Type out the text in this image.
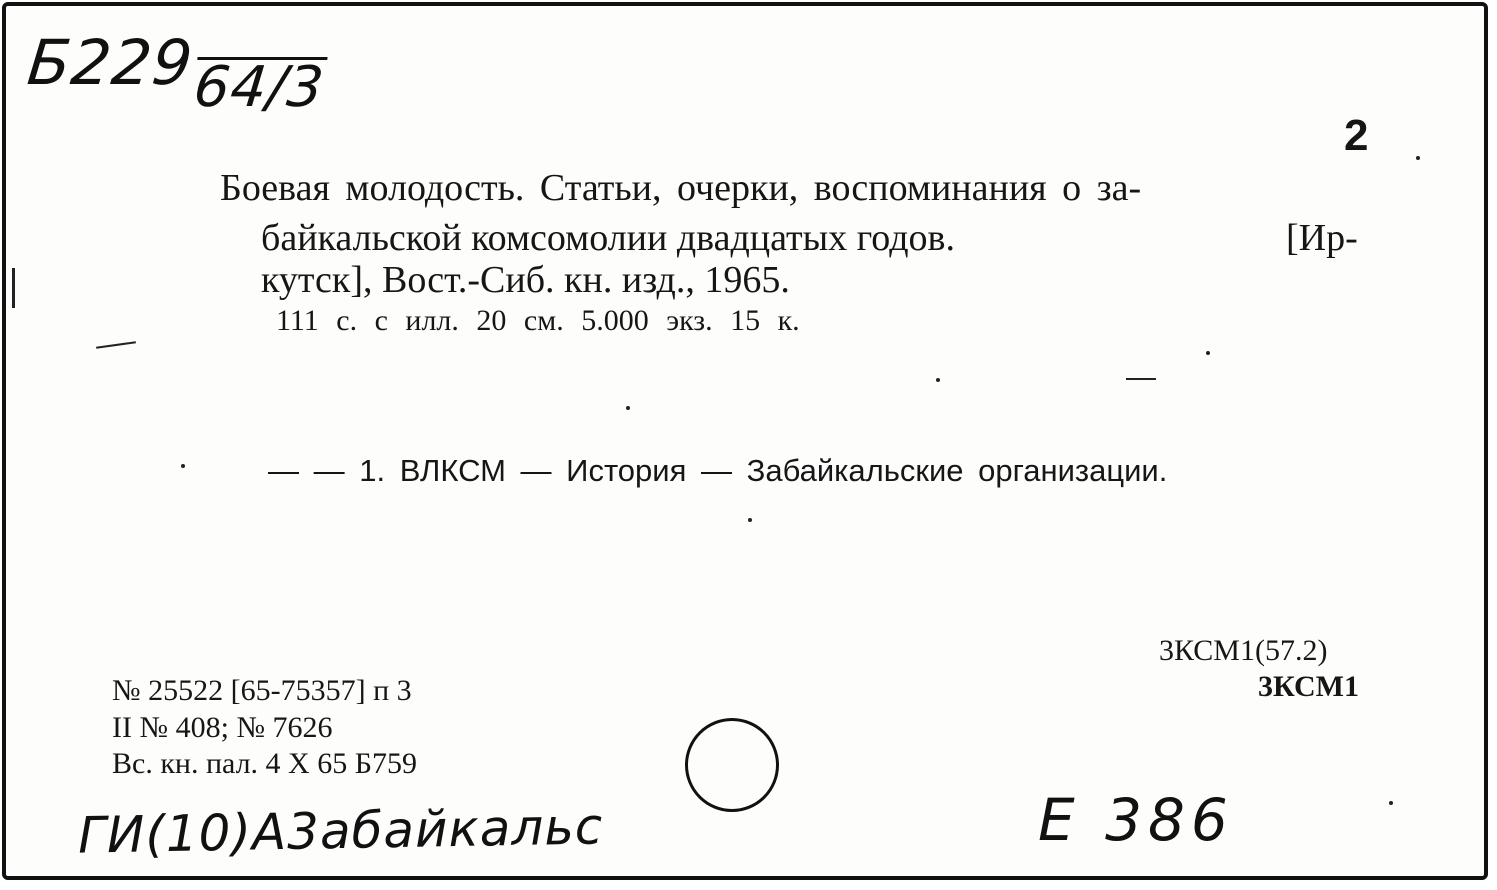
Б22964/3
2
Боевая молодость. Статьи, очерки, воспоминания о за-
байкальской комсомолии двадцатых годов.	[Ир-
кутск], Вост.-Сиб. кн. изд., 1965.
111 с. с илл. 20 см. 5.000 экз. 15 к.
— — 1. ВЛКСМ — История — Забайкальские организации.
3КСМ1(57.2)
3КСМ1
№ 25522 [65-75357] п 3
II № 408; № 7626
Вс. кн. пал. 4 X 65 Б759
ГИ(10)А3абайкальс	Е 386
